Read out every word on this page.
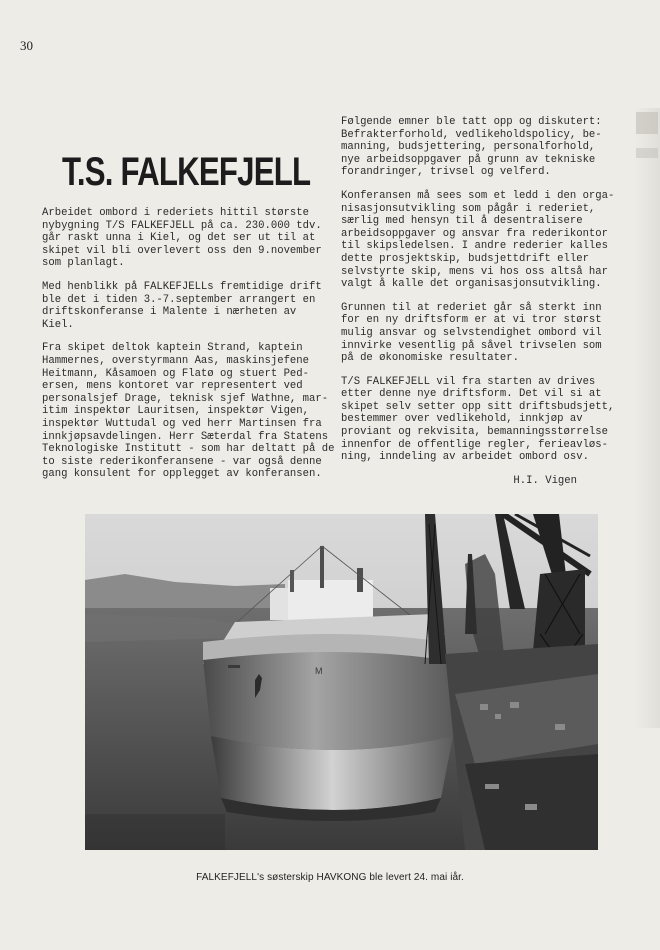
30
T.S. FALKEFJELL

Arbeidet ombord i rederiets hittil største
nybygning T/S FALKEFJELL på ca. 230.000 tdv.
går raskt unna i Kiel, og det ser ut til at
skipet vil bli overlevert oss den 9.november
som planlagt.

Med henblikk på FALKEFJELLs fremtidige drift
ble det i tiden 3.-7.september arrangert en
driftskonferanse i Malente i nærheten av
Kiel.

Fra skipet deltok kaptein Strand, kaptein
Hammernes, overstyrmann Aas, maskinsjefene
Heitmann, Kåsamoen og Flatø og stuert Ped-
ersen, mens kontoret var representert ved
personalsjef Drage, teknisk sjef Wathne, mar-
itim inspektør Lauritsen, inspektør Vigen,
inspektør Wuttudal og ved herr Martinsen fra
innkjøpsavdelingen. Herr Sæterdal fra Statens
Teknologiske Institutt - som har deltatt på de
to siste rederikonferansene - var også denne
gang konsulent for opplegget av konferansen.

Følgende emner ble tatt opp og diskutert:
Befrakterforhold, vedlikeholdspolicy, be-
manning, budsjettering, personalforhold,
nye arbeidsoppgaver på grunn av tekniske
forandringer, trivsel og velferd.

Konferansen må sees som et ledd i den orga-
nisasjonsutvikling som pågår i rederiet,
særlig med hensyn til å desentralisere
arbeidsoppgaver og ansvar fra rederikontor
til skipsledelsen. I andre rederier kalles
dette prosjektskip, budsjettdrift eller
selvstyrte skip, mens vi hos oss altså har
valgt å kalle det organisasjonsutvikling.

Grunnen til at rederiet går så sterkt inn
for en ny driftsform er at vi tror størst
mulig ansvar og selvstendighet ombord vil
innvirke vesentlig på såvel trivselen som
på de økonomiske resultater.

T/S FALKEFJELL vil fra starten av drives
etter denne nye driftsform. Det vil si at
skipet selv setter opp sitt driftsbudsjett,
bestemmer over vedlikehold, innkjøp av
proviant og rekvisita, bemanningsstørrelse
innenfor de offentlige regler, ferieavløs-
ning, inndeling av arbeidet ombord osv.

H.I. Vigen

M
FALKEFJELL's søsterskip HAVKONG ble levert 24. mai iår.
